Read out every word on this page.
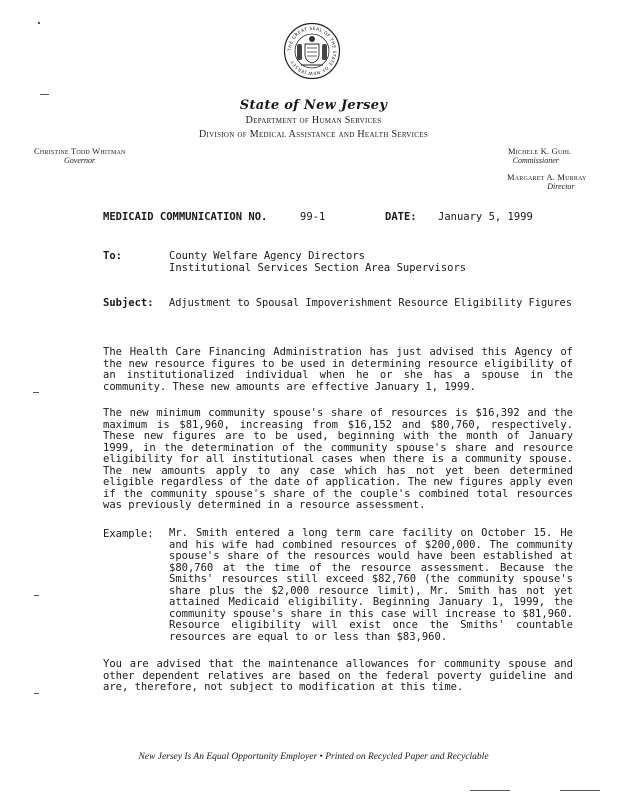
THE GREAT SEAL OF THE STATE OF NEW JERSEY
State of New Jersey
Department of Human Services
Division of Medical Assistance and Health Services
Christine Todd Whitman
Governor
Michele K. Guhl
Commissioner
Margaret A. Murray
Director
MEDICAID COMMUNICATION NO.	99-1	DATE: January 5, 1999
To:	County Welfare Agency Directors
Institutional Services Section Area Supervisors
Subject: Adjustment to Spousal Impoverishment Resource Eligibility Figures
The Health Care Financing Administration has just advised this Agency of the new resource figures to be used in determining resource eligibility of an institutionalized individual when he or she has a spouse in the community. These new amounts are effective January 1, 1999.
The new minimum community spouse's share of resources is $16,392 and the maximum is $81,960, increasing from $16,152 and $80,760, respectively. These new figures are to be used, beginning with the month of January 1999, in the determination of the community spouse's share and resource eligibility for all institutional cases when there is a community spouse. The new amounts apply to any case which has not yet been determined eligible regardless of the date of application. The new figures apply even if the community spouse's share of the couple's combined total resources was previously determined in a resource assessment.
Example: Mr. Smith entered a long term care facility on October 15. He and his wife had combined resources of $200,000. The community spouse's share of the resources would have been established at $80,760 at the time of the resource assessment. Because the Smiths' resources still exceed $82,760 (the community spouse's share plus the $2,000 resource limit), Mr. Smith has not yet attained Medicaid eligibility. Beginning January 1, 1999, the community spouse's share in this case will increase to $81,960. Resource eligibility will exist once the Smiths' countable resources are equal to or less than $83,960.
You are advised that the maintenance allowances for community spouse and other dependent relatives are based on the federal poverty guideline and are, therefore, not subject to modification at this time.
New Jersey Is An Equal Opportunity Employer • Printed on Recycled Paper and Recyclable
